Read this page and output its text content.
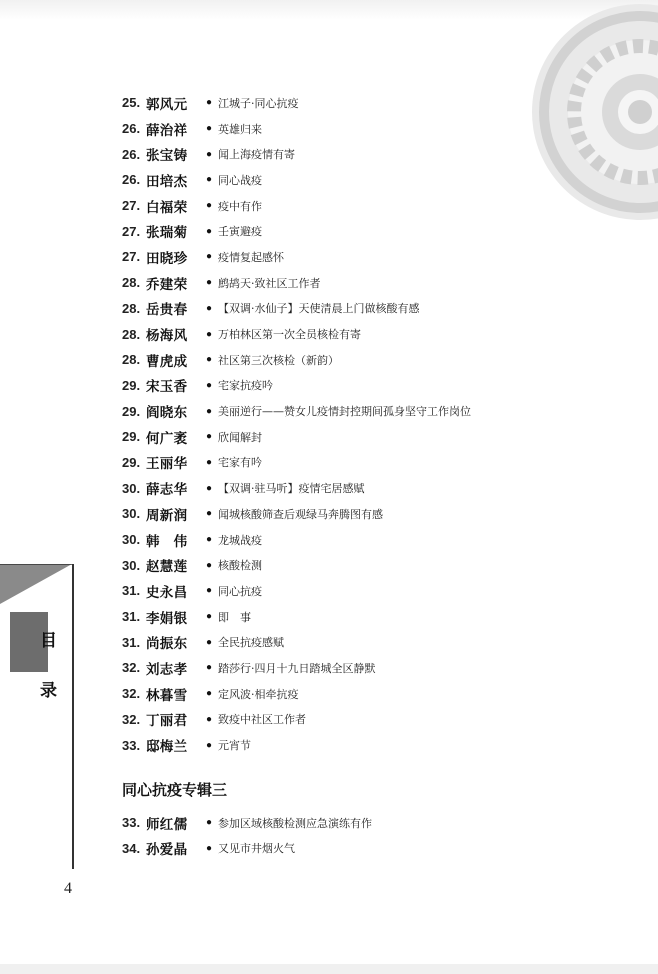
25. 郭风元	● 江城子·同心抗疫
26. 薛治祥	● 英雄归来
26. 张宝铸	● 闻上海疫情有寄
26. 田培杰	● 同心战疫
27. 白福荣	● 疫中有作
27. 张瑞菊	● 壬寅避疫
27. 田晓珍	● 疫情复起感怀
28. 乔建荣	● 鹧鸪天·致社区工作者
28. 岳贵春	● 【双调·水仙子】天使清晨上门做核酸有感
28. 杨海风	● 万柏林区第一次全员核检有寄
28. 曹虎成	● 社区第三次核检（新韵）
29. 宋玉香	● 宅家抗疫吟
29. 阎晓东	● 美丽逆行——赞女儿疫情封控期间孤身坚守工作岗位
29. 何广袤	● 欣闻解封
29. 王丽华	● 宅家有吟
30. 薛志华	● 【双调·驻马听】疫情宅居感赋
30. 周新润	● 闻城核酸筛查后观绿马奔腾图有感
30. 韩　伟	● 龙城战疫
30. 赵慧莲	● 核酸检测
31. 史永昌	● 同心抗疫
31. 李娟银	● 即　事
31. 尚振东	● 全民抗疫感赋
32. 刘志孝	● 踏莎行·四月十九日踏城全区静默
32. 林暮雪	● 定风波·相牵抗疫
32. 丁丽君	● 致疫中社区工作者
33. 邸梅兰	● 元宵节
同心抗疫专辑三
33. 师红儒	● 参加区域核酸检测应急演练有作
34. 孙爱晶	● 又见市井烟火气
目
录
4
